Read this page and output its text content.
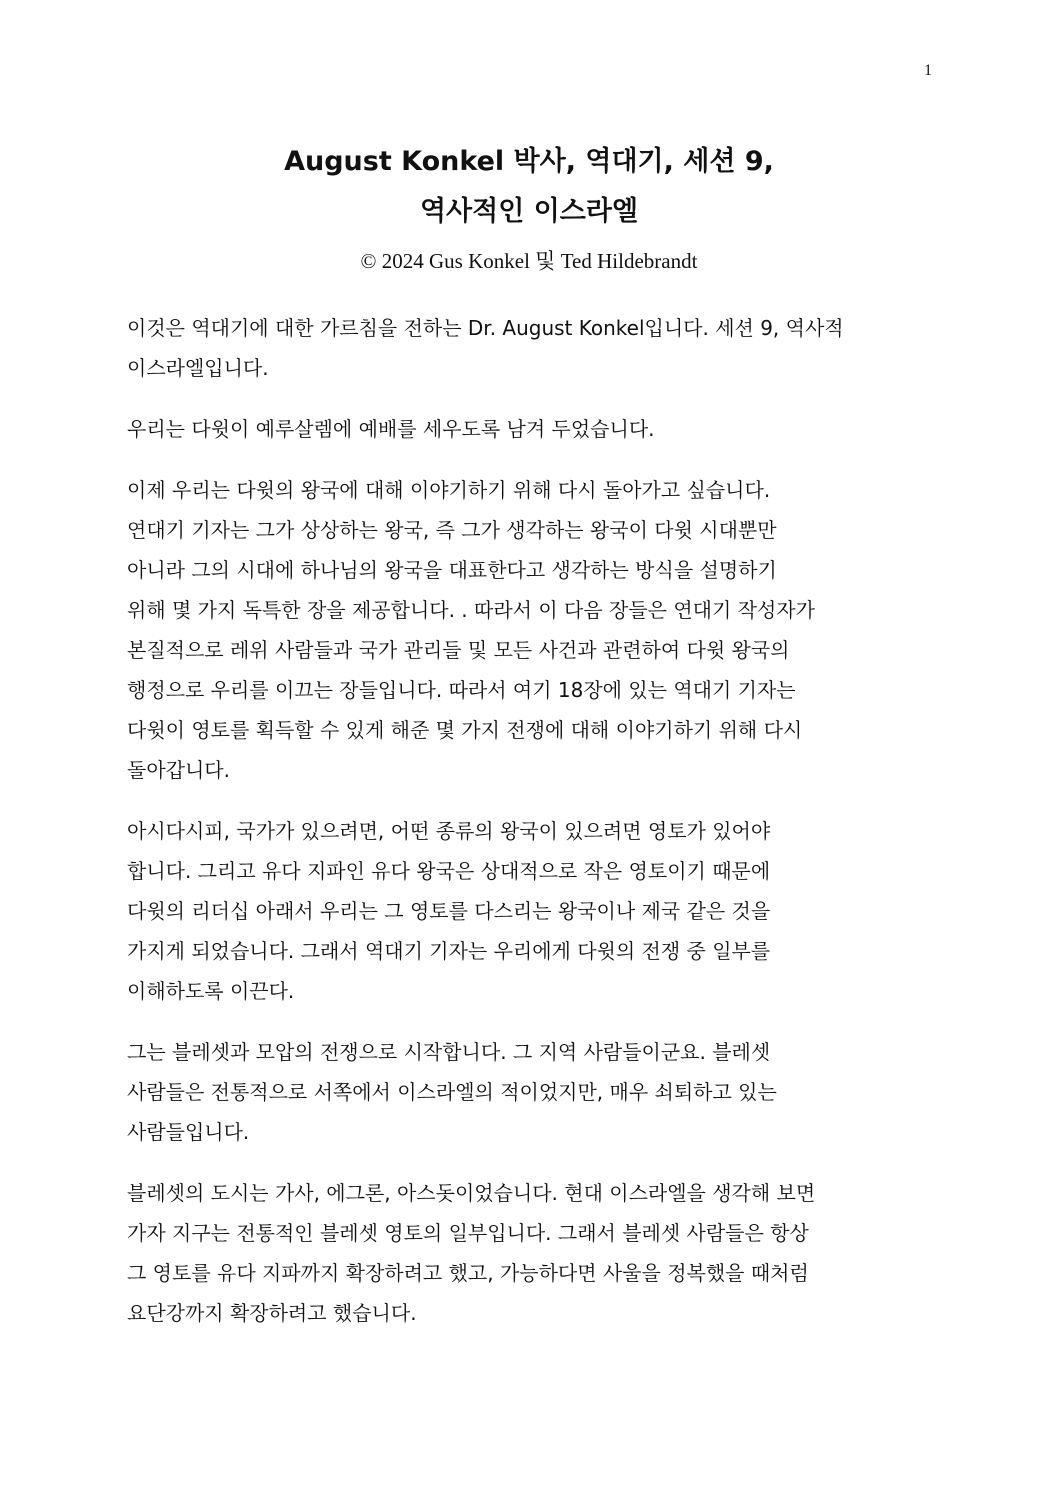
1

August Konkel 박사, 역대기, 세션 9,

역사적인 이스라엘

© 2024 Gus Konkel 및 Ted Hildebrandt

이것은 역대기에 대한 가르침을 전하는 Dr. August Konkel입니다. 세션 9, 역사적
이스라엘입니다.

우리는 다윗이 예루살렘에 예배를 세우도록 남겨 두었습니다.

이제 우리는 다윗의 왕국에 대해 이야기하기 위해 다시 돌아가고 싶습니다.
연대기 기자는 그가 상상하는 왕국, 즉 그가 생각하는 왕국이 다윗 시대뿐만
아니라 그의 시대에 하나님의 왕국을 대표한다고 생각하는 방식을 설명하기
위해 몇 가지 독특한 장을 제공합니다. . 따라서 이 다음 장들은 연대기 작성자가
본질적으로 레위 사람들과 국가 관리들 및 모든 사건과 관련하여 다윗 왕국의
행정으로 우리를 이끄는 장들입니다. 따라서 여기 18장에 있는 역대기 기자는
다윗이 영토를 획득할 수 있게 해준 몇 가지 전쟁에 대해 이야기하기 위해 다시
돌아갑니다.

아시다시피, 국가가 있으려면, 어떤 종류의 왕국이 있으려면 영토가 있어야
합니다. 그리고 유다 지파인 유다 왕국은 상대적으로 작은 영토이기 때문에
다윗의 리더십 아래서 우리는 그 영토를 다스리는 왕국이나 제국 같은 것을
가지게 되었습니다. 그래서 역대기 기자는 우리에게 다윗의 전쟁 중 일부를
이해하도록 이끈다.

그는 블레셋과 모압의 전쟁으로 시작합니다. 그 지역 사람들이군요. 블레셋
사람들은 전통적으로 서쪽에서 이스라엘의 적이었지만, 매우 쇠퇴하고 있는
사람들입니다.

블레셋의 도시는 가사, 에그론, 아스돗이었습니다. 현대 이스라엘을 생각해 보면
가자 지구는 전통적인 블레셋 영토의 일부입니다. 그래서 블레셋 사람들은 항상
그 영토를 유다 지파까지 확장하려고 했고, 가능하다면 사울을 정복했을 때처럼
요단강까지 확장하려고 했습니다.
